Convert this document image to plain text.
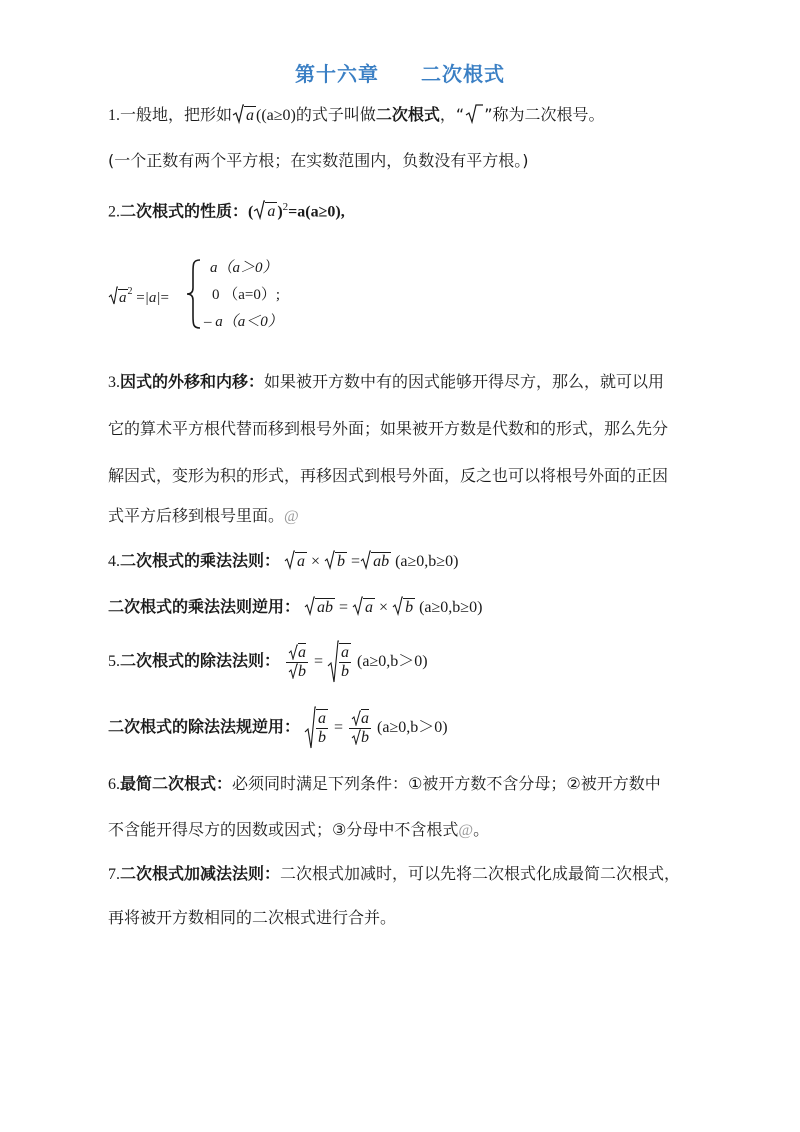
第十六章　　二次根式
1.一般地，把形如 a ((a≥0)的式子叫做二次根式，“ ”称为二次根号。
(一个正数有两个平方根；在实数范围内，负数没有平方根。)
2.二次根式的性质：( a )$^2$=a(a≥0),
$a^2 =|a|=$
a（a＞0）
0 （a=0）;
– a（a＜0）
3.因式的外移和内移：如果被开方数中有的因式能够开得尽方，那么，就可以用
它的算术平方根代替而移到根号外面；如果被开方数是代数和的形式，那么先分
解因式，变形为积的形式，再移因式到根号外面，反之也可以将根号外面的正因
式平方后移到根号里面。@
4.二次根式的乘法法则： a × b = ab (a≥0,b≥0)
二次根式的乘法法则逆用： ab = a × b (a≥0,b≥0)
5.二次根式的除法法则： $\frac{a}{b} = \frac{a}{b} (a\ge 0,b>0)$
二次根式的除法法规逆用： $\frac{a}{b} = \frac{a}{b} (a\ge 0,b>0)$
6.最简二次根式：必须同时满足下列条件：①被开方数不含分母；②被开方数中
不含能开得尽方的因数或因式；③分母中不含根式@。
7.二次根式加减法法则：二次根式加减时，可以先将二次根式化成最简二次根式，
再将被开方数相同的二次根式进行合并。
